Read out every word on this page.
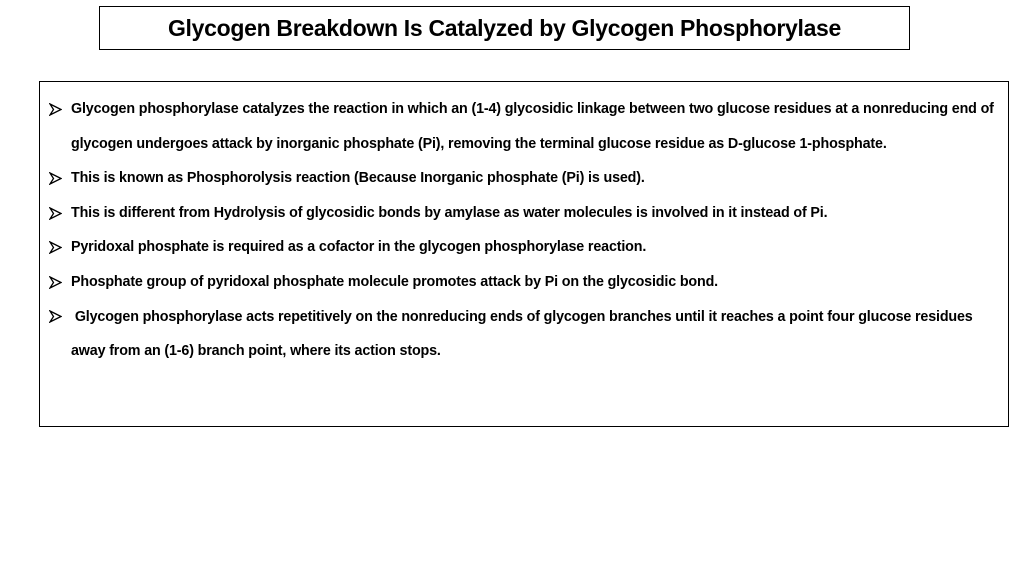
Glycogen Breakdown Is Catalyzed by Glycogen Phosphorylase
Glycogen phosphorylase catalyzes the reaction in which an (1-4) glycosidic linkage between two glucose residues at a nonreducing end of glycogen undergoes attack by inorganic phosphate (Pi), removing the terminal glucose residue as D-glucose 1-phosphate.
This is known as Phosphorolysis reaction (Because Inorganic phosphate (Pi) is used).
This is different from Hydrolysis of glycosidic bonds by amylase as water molecules is involved in it instead of Pi.
Pyridoxal phosphate is required as a cofactor in the glycogen phosphorylase reaction.
Phosphate group of pyridoxal phosphate molecule promotes attack by Pi on the glycosidic bond.
Glycogen phosphorylase acts repetitively on the nonreducing ends of glycogen branches until it reaches a point four glucose residues away from an (1-6) branch point, where its action stops.
